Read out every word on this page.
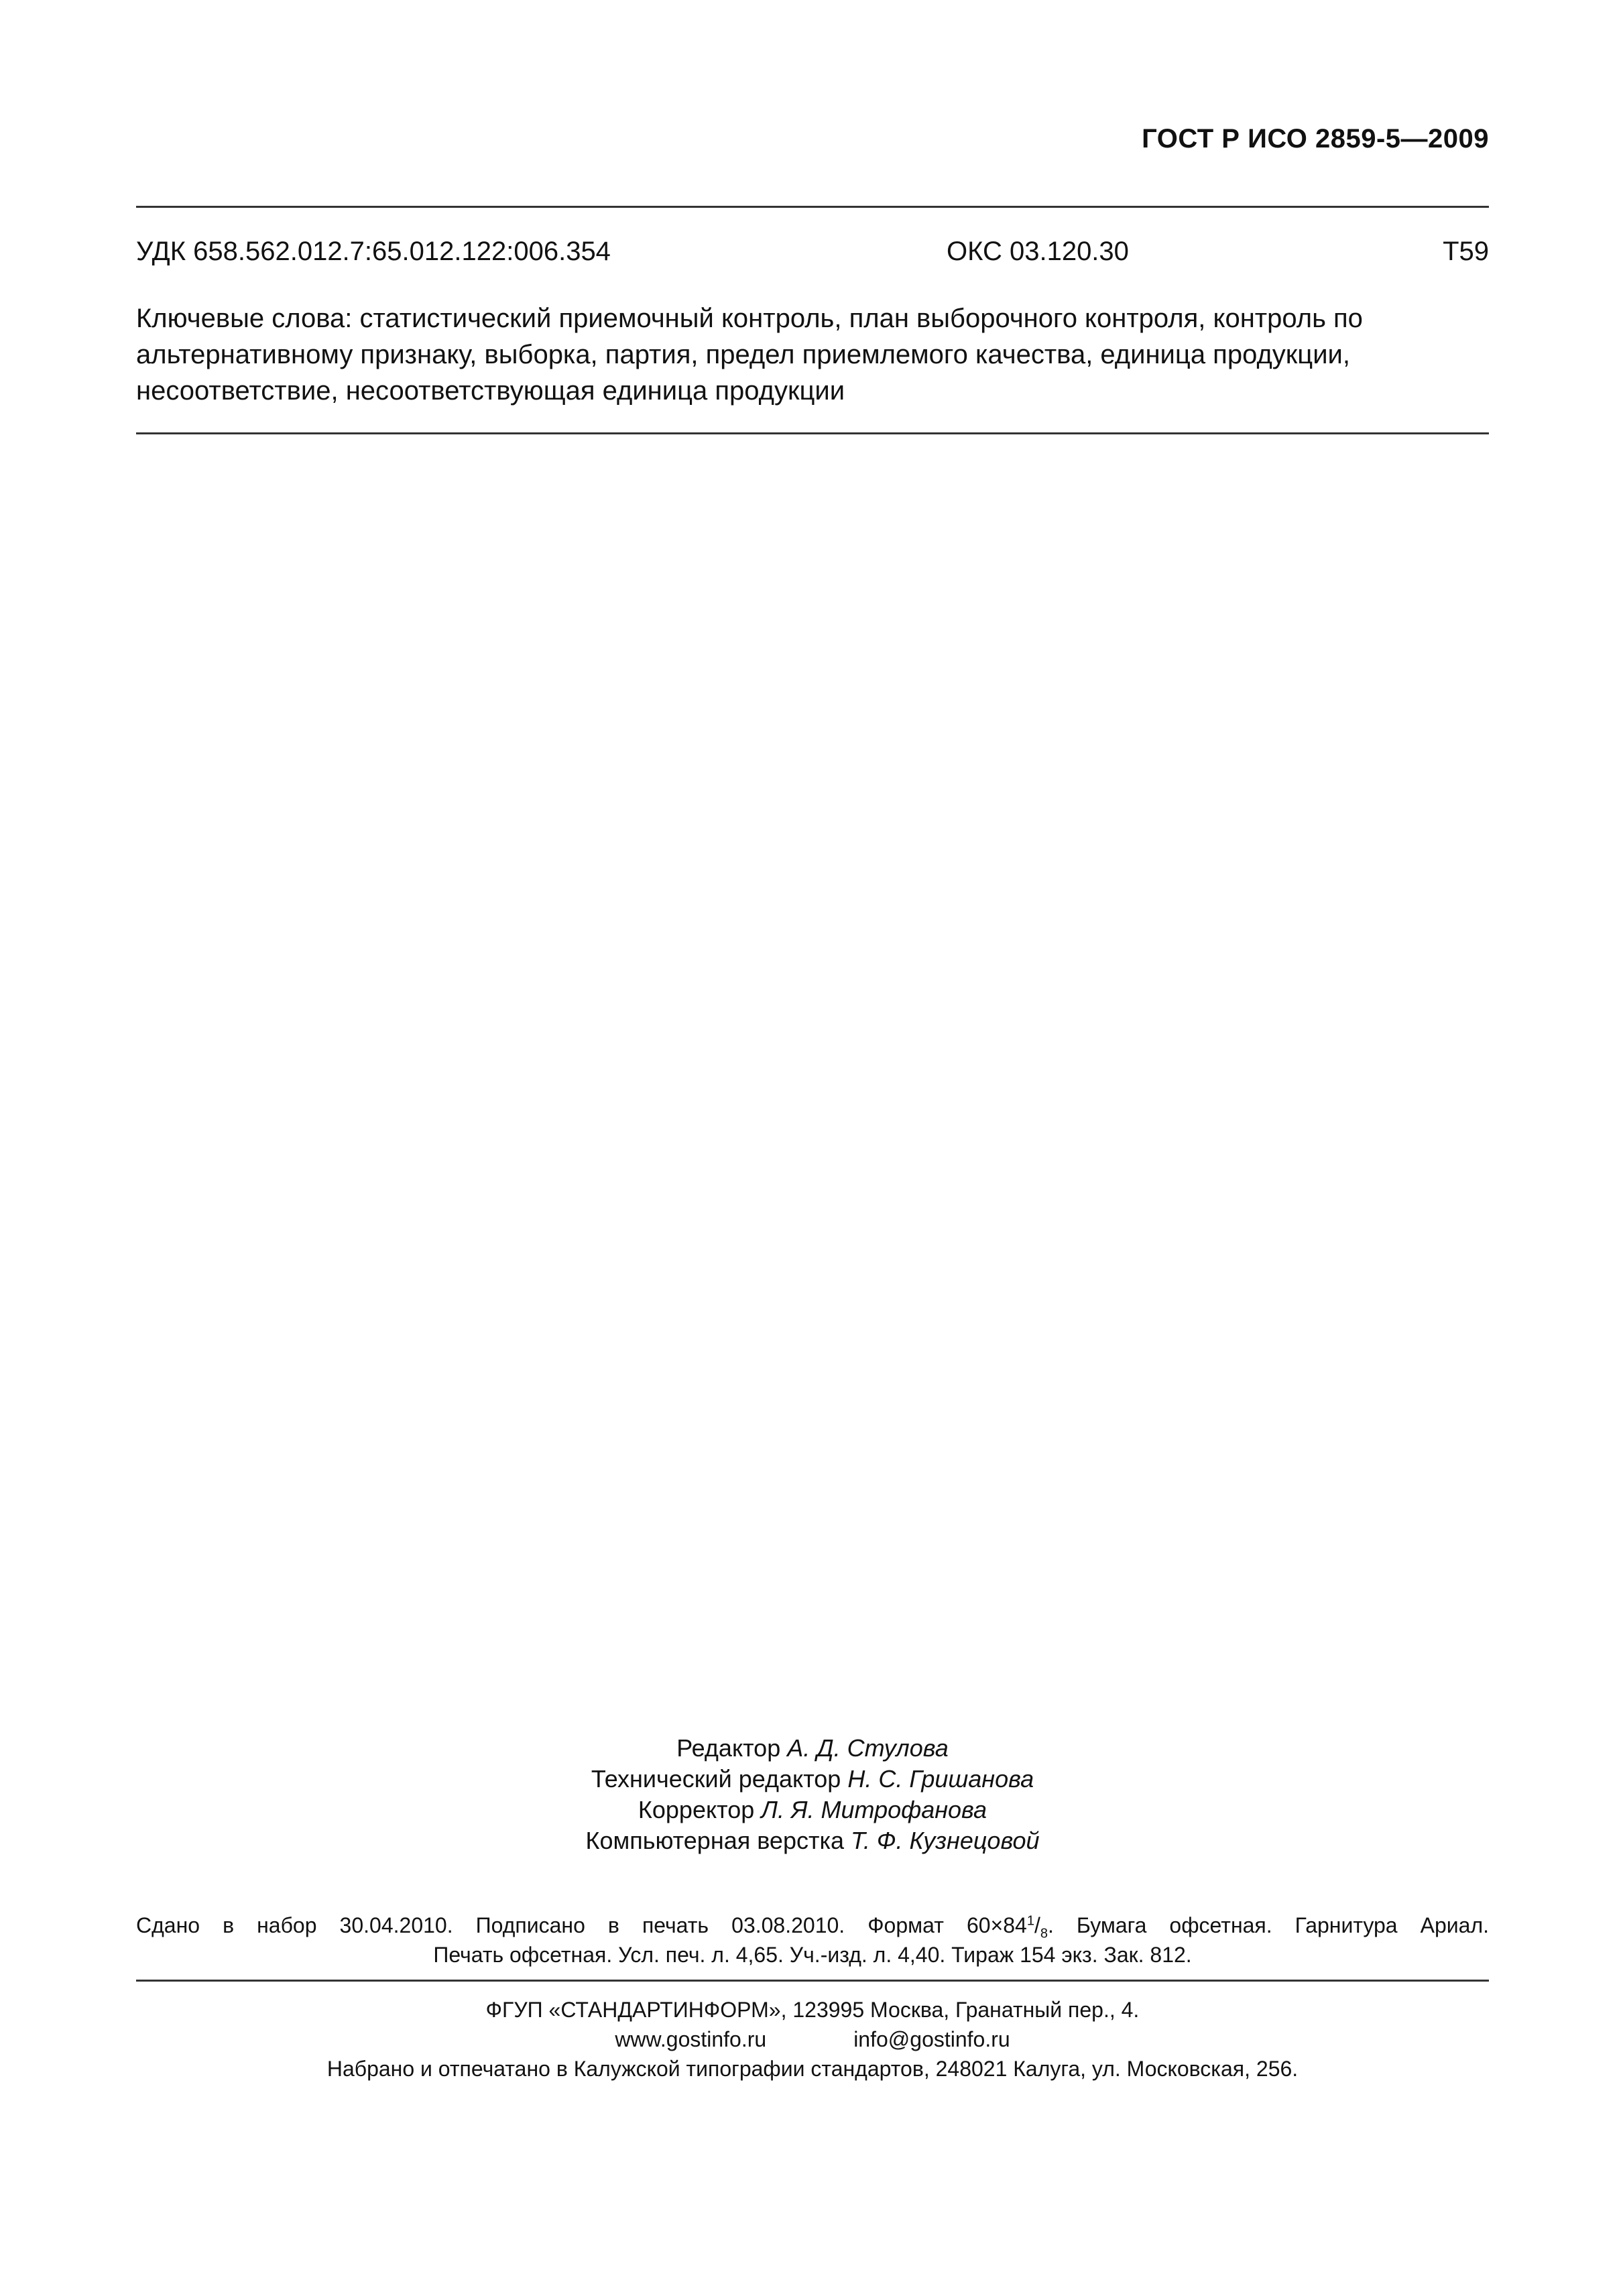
ГОСТ Р ИСО 2859-5—2009
УДК 658.562.012.7:65.012.122:006.354	ОКС 03.120.30	Т59
Ключевые слова: статистический приемочный контроль, план выборочного контроля, контроль по альтернативному признаку, выборка, партия, предел приемлемого качества, единица продукции, несоответствие, несоответствующая единица продукции
Редактор А. Д. Стулова
Технический редактор Н. С. Гришанова
Корректор Л. Я. Митрофанова
Компьютерная верстка Т. Ф. Кузнецовой
Сдано в набор 30.04.2010. Подписано в печать 03.08.2010. Формат $60\times 84^1/_8$. Бумага офсетная. Гарнитура Ариал.
Печать офсетная. Усл. печ. л. 4,65. Уч.-изд. л. 4,40. Тираж 154 экз. Зак. 812.
ФГУП «СТАНДАРТИНФОРМ», 123995 Москва, Гранатный пер., 4.
www.gostinfo.ru	info@gostinfo.ru
Набрано и отпечатано в Калужской типографии стандартов, 248021 Калуга, ул. Московская, 256.
